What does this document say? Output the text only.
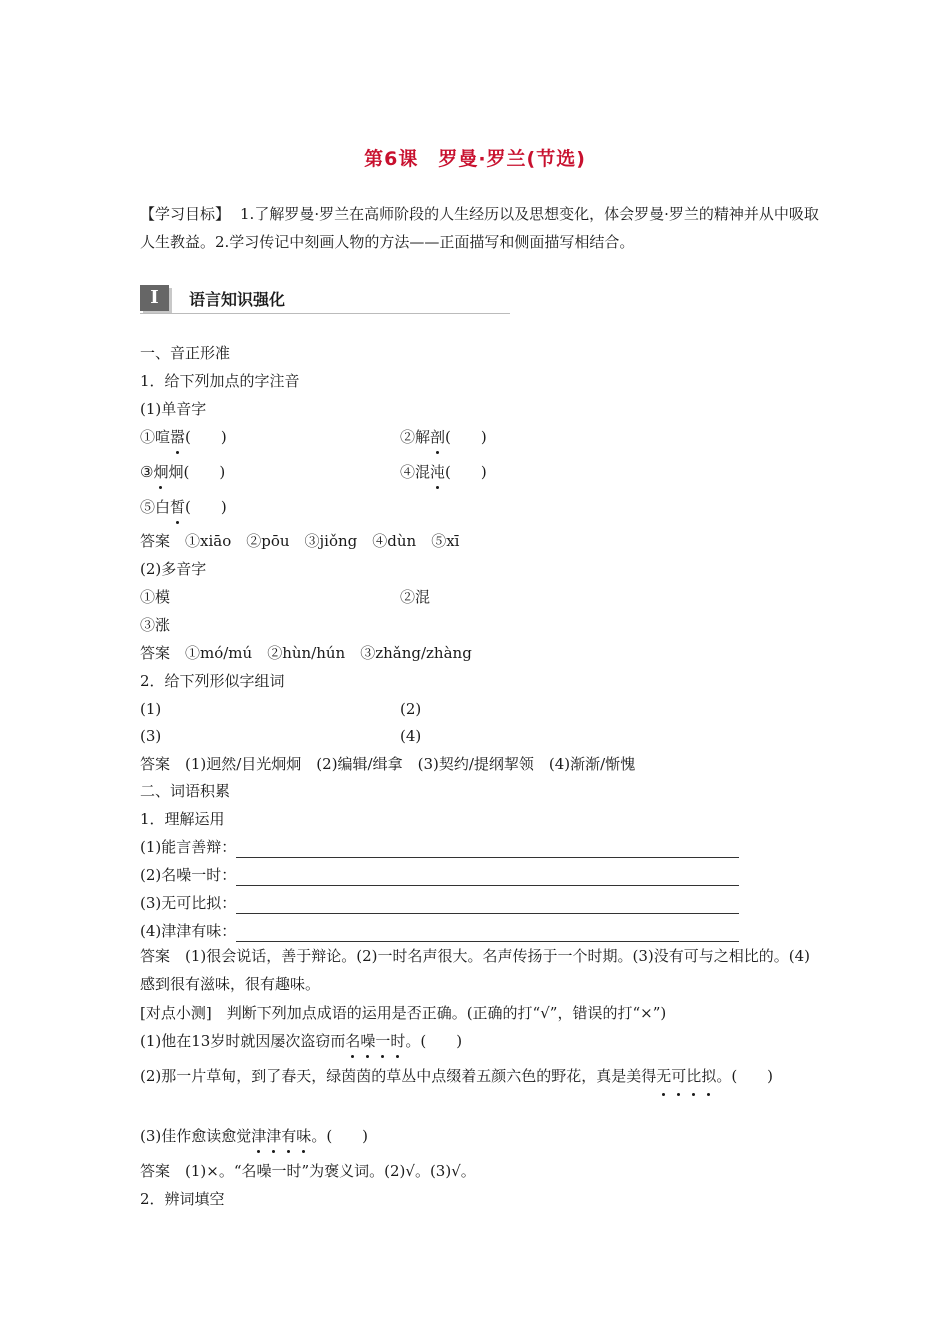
第6课　罗曼·罗兰(节选)
【学习目标】 1.了解罗曼·罗兰在高师阶段的人生经历以及思想变化，体会罗曼·罗兰的精神并从中吸取人生教益。2.学习传记中刻画人物的方法——正面描写和侧面描写相结合。
I	语言知识强化
一、音正形准
1．给下列加点的字注音
(1)单音字
①喧嚣(　　)	②解剖(　　)
③炯炯(　　)	④混沌(　　)
⑤白皙(　　)
答案　①xiāo　②pōu　③jiǒng　④dùn　⑤xī
(2)多音字
①模	②混
③涨
答案　①mó/mú　②hùn/hún　③zhǎng/zhàng
2．给下列形似字组词
(1)	(2)
(3)	(4)
答案　(1)迥然/目光炯炯　(2)编辑/缉拿　(3)契约/提纲挈领　(4)渐渐/惭愧
二、词语积累
1．理解运用
(1)能言善辩：
(2)名噪一时：
(3)无可比拟：
(4)津津有味：
答案　(1)很会说话，善于辩论。(2)一时名声很大。名声传扬于一个时期。(3)没有可与之相比的。(4)感到很有滋味，很有趣味。
[对点小测]　判断下列加点成语的运用是否正确。(正确的打“√”，错误的打“×”)
(1)他在13岁时就因屡次盗窃而名噪一时。(　　)
(2)那一片草甸，到了春天，绿茵茵的草丛中点缀着五颜六色的野花，真是美得无可比拟。(　　)
(3)佳作愈读愈觉津津有味。(　　)
答案　(1)×。“名噪一时”为褒义词。(2)√。(3)√。
2．辨词填空
